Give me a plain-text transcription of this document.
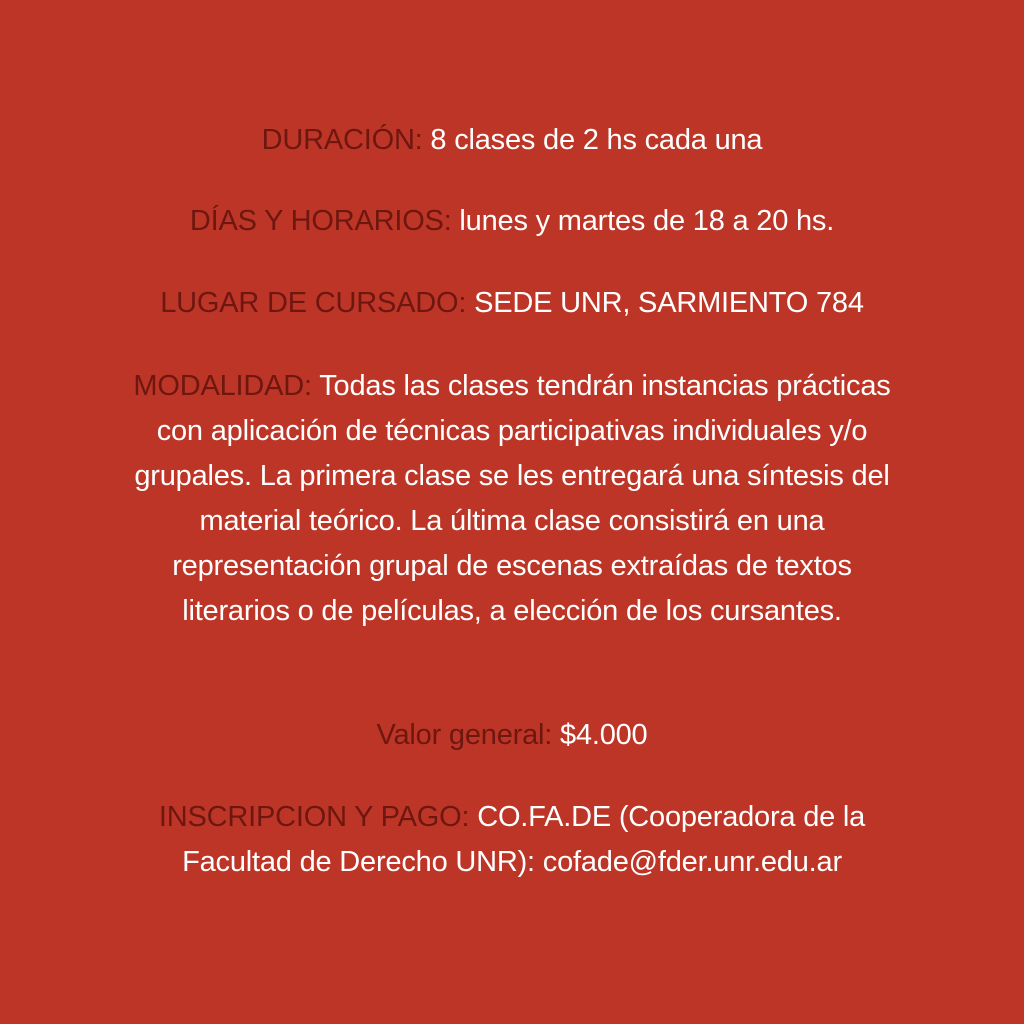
DURACIÓN: 8 clases de 2 hs cada una
DÍAS Y HORARIOS: lunes y martes de 18 a 20 hs.
LUGAR DE CURSADO: SEDE UNR, SARMIENTO 784
MODALIDAD: Todas las clases tendrán instancias prácticas con aplicación de técnicas participativas individuales y/o grupales. La primera clase se les entregará una síntesis del material teórico. La última clase consistirá en una representación grupal de escenas extraídas de textos literarios o de películas, a elección de los cursantes.
Valor general: $4.000
INSCRIPCION Y PAGO: CO.FA.DE (Cooperadora de la Facultad de Derecho UNR): cofade@fder.unr.edu.ar
